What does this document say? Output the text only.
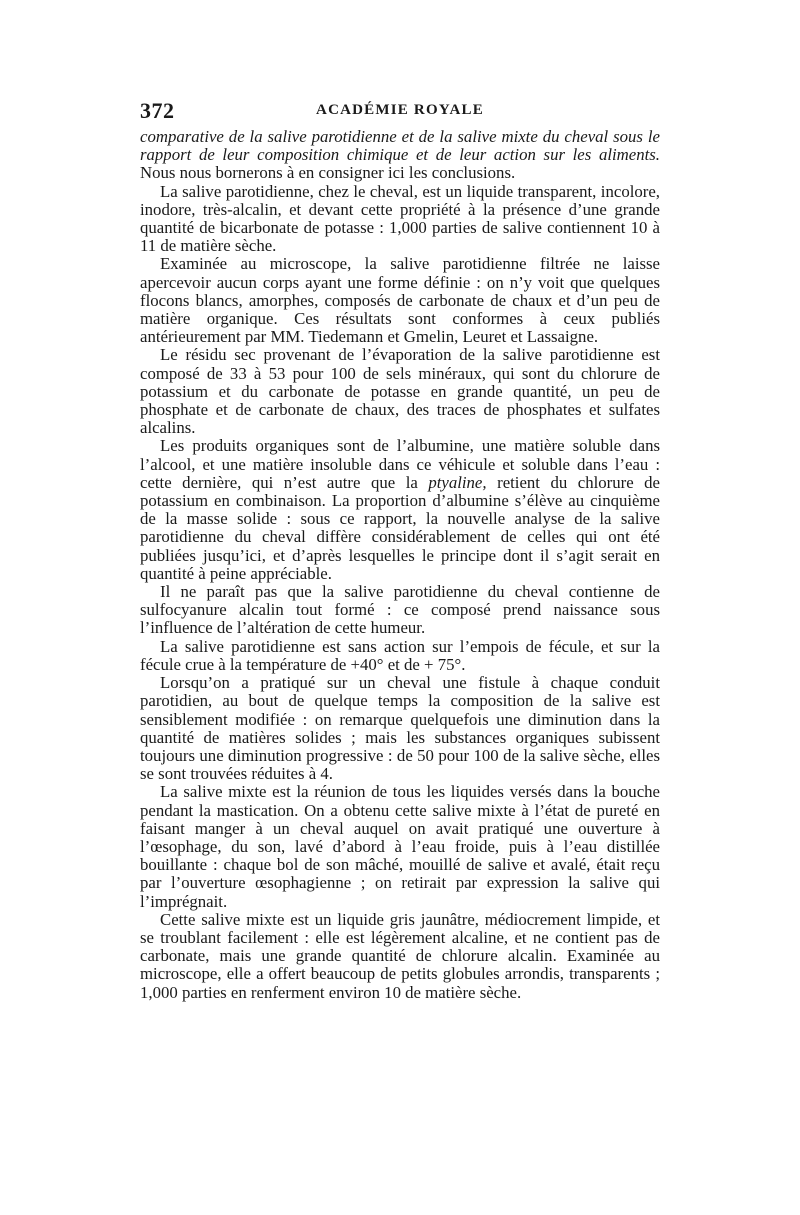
372	ACADÉMIE ROYALE

comparative de la salive parotidienne et de la salive mixte du cheval sous le rapport de leur composition chimique et de leur action sur les aliments. Nous nous bornerons à en consigner ici les conclusions.

La salive parotidienne, chez le cheval, est un liquide transparent, incolore, inodore, très-alcalin, et devant cette propriété à la présence d’une grande quantité de bicarbonate de potasse : 1,000 parties de salive contiennent 10 à 11 de matière sèche.

Examinée au microscope, la salive parotidienne filtrée ne laisse apercevoir aucun corps ayant une forme définie : on n’y voit que quelques flocons blancs, amorphes, composés de carbonate de chaux et d’un peu de matière organique. Ces résultats sont conformes à ceux publiés antérieurement par MM. Tiedemann et Gmelin, Leuret et Lassaigne.

Le résidu sec provenant de l’évaporation de la salive parotidienne est composé de 33 à 53 pour 100 de sels minéraux, qui sont du chlorure de potassium et du carbonate de potasse en grande quantité, un peu de phosphate et de carbonate de chaux, des traces de phosphates et sulfates alcalins.

Les produits organiques sont de l’albumine, une matière soluble dans l’alcool, et une matière insoluble dans ce véhicule et soluble dans l’eau : cette dernière, qui n’est autre que la ptyaline, retient du chlorure de potassium en combinaison. La proportion d’albumine s’élève au cinquième de la masse solide : sous ce rapport, la nouvelle analyse de la salive parotidienne du cheval diffère considérablement de celles qui ont été publiées jusqu’ici, et d’après lesquelles le principe dont il s’agit serait en quantité à peine appréciable.

Il ne paraît pas que la salive parotidienne du cheval contienne de sulfocyanure alcalin tout formé : ce composé prend naissance sous l’influence de l’altération de cette humeur.

La salive parotidienne est sans action sur l’empois de fécule, et sur la fécule crue à la température de +40° et de + 75°.

Lorsqu’on a pratiqué sur un cheval une fistule à chaque conduit parotidien, au bout de quelque temps la composition de la salive est sensiblement modifiée : on remarque quelquefois une diminution dans la quantité de matières solides ; mais les substances organiques subissent toujours une diminution progressive : de 50 pour 100 de la salive sèche, elles se sont trouvées réduites à 4.

La salive mixte est la réunion de tous les liquides versés dans la bouche pendant la mastication. On a obtenu cette salive mixte à l’état de pureté en faisant manger à un cheval auquel on avait pratiqué une ouverture à l’œsophage, du son, lavé d’abord à l’eau froide, puis à l’eau distillée bouillante : chaque bol de son mâché, mouillé de salive et avalé, était reçu par l’ouverture œsophagienne ; on retirait par expression la salive qui l’imprégnait.

Cette salive mixte est un liquide gris jaunâtre, médiocrement limpide, et se troublant facilement : elle est légèrement alcaline, et ne contient pas de carbonate, mais une grande quantité de chlorure alcalin. Examinée au microscope, elle a offert beaucoup de petits globules arrondis, transparents ; 1,000 parties en renferment environ 10 de matière sèche.
